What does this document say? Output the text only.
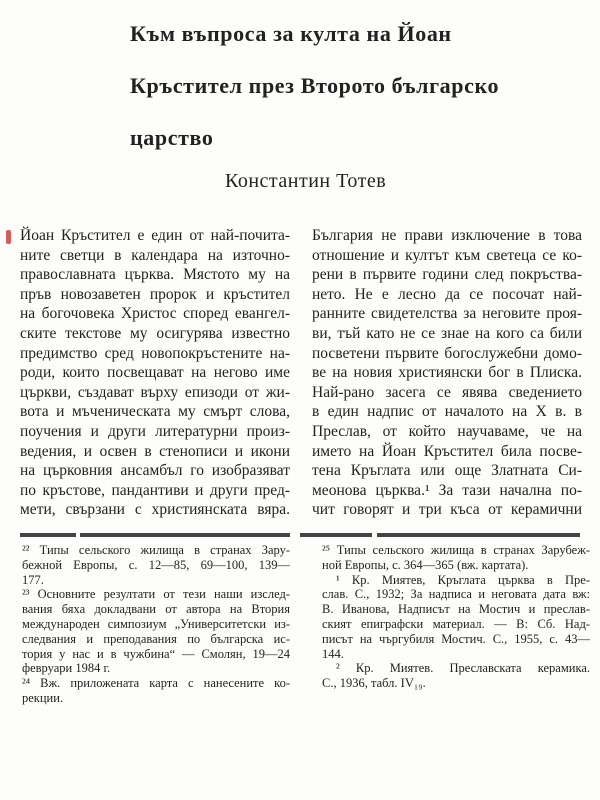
Към въпроса за култа на Йоан
Кръстител през Второто българско
царство
Константин Тотев
Йоан Кръстител е един от най-почита-
ните светци в календара на източно-
православната църква. Мястото му на
пръв новозаветен пророк и кръстител
на богочовека Христос според евангел-
ските текстове му осигурява известно
предимство сред новопокръстените на-
роди, които посвещават на негово име
църкви, създават върху епизоди от жи-
вота и мъченическата му смърт слова,
поучения и други литературни произ-
ведения, и освен в стенописи и икони
на църковния ансамбъл го изобразяват
по кръстове, пандантиви и други пред-
мети, свързани с християнската вяра.
България не прави изключение в това
отношение и култът към светеца се ко-
рени в първите години след покръства-
нето. Не е лесно да се посочат най-
ранните свидетелства за неговите проя-
ви, тъй като не се знае на кого са били
посветени първите богослужебни домо-
ве на новия християнски бог в Плиска.
Най-рано засега се явява сведението
в един надпис от началото на X в. в
Преслав, от който научаваме, че на
името на Йоан Кръстител била посве-
тена Кръглата или още Златната Си-
меонова църква.¹ За тази начална по-
чит говорят и три къса от керамични
²² Типы сельского жилища в странах Зару-
бежной Европы, с. 12—85, 69—100, 139—
177.
²³ Основните резултати от тези наши изслед-
вания бяха докладвани от автора на Втория
международен симпозиум „Университетски из-
следвания и преподавания по българска ис-
тория у нас и в чужбина“ — Смолян, 19—24
февруари 1984 г.
²⁴ Вж. приложената карта с нанесените ко-
рекции.
²⁵ Типы сельского жилища в странах Зарубеж-
ной Европы, с. 364—365 (вж. картата).
¹ Кр. Миятев, Кръглата църква в Пре-
слав. С., 1932; За надписа и неговата дата вж:
В. Иванова, Надписът на Мостич и преслав-
ският епиграфски материал. — В: Сб. Над-
писът на чъргубиля Мостич. С., 1955, с. 43—
144.
² Кр. Миятев. Преславската керамика.
С., 1936, табл. IV₁₉.
